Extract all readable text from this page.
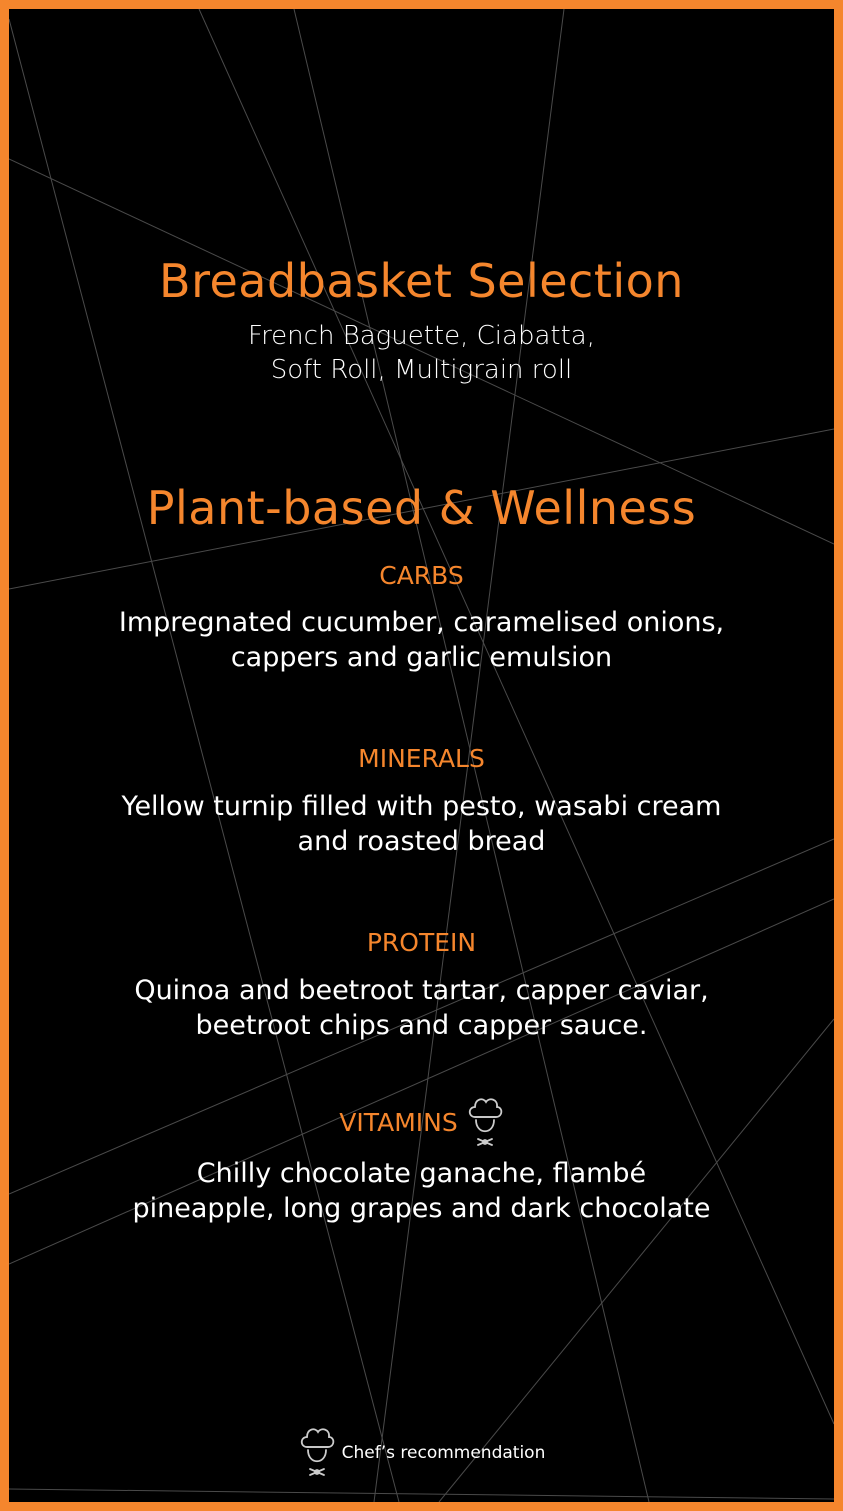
Breadbasket Selection
French Baguette, Ciabatta,
Soft Roll, Multigrain roll
Plant-based & Wellness
CARBS
Impregnated cucumber, caramelised onions,
cappers and garlic emulsion
MINERALS
Yellow turnip filled with pesto, wasabi cream
and roasted bread
PROTEIN
Quinoa and beetroot tartar, capper caviar,
beetroot chips and capper sauce.
VITAMINS
Chilly chocolate ganache, flambé
pineapple, long grapes and dark chocolate
Chef’s recommendation
